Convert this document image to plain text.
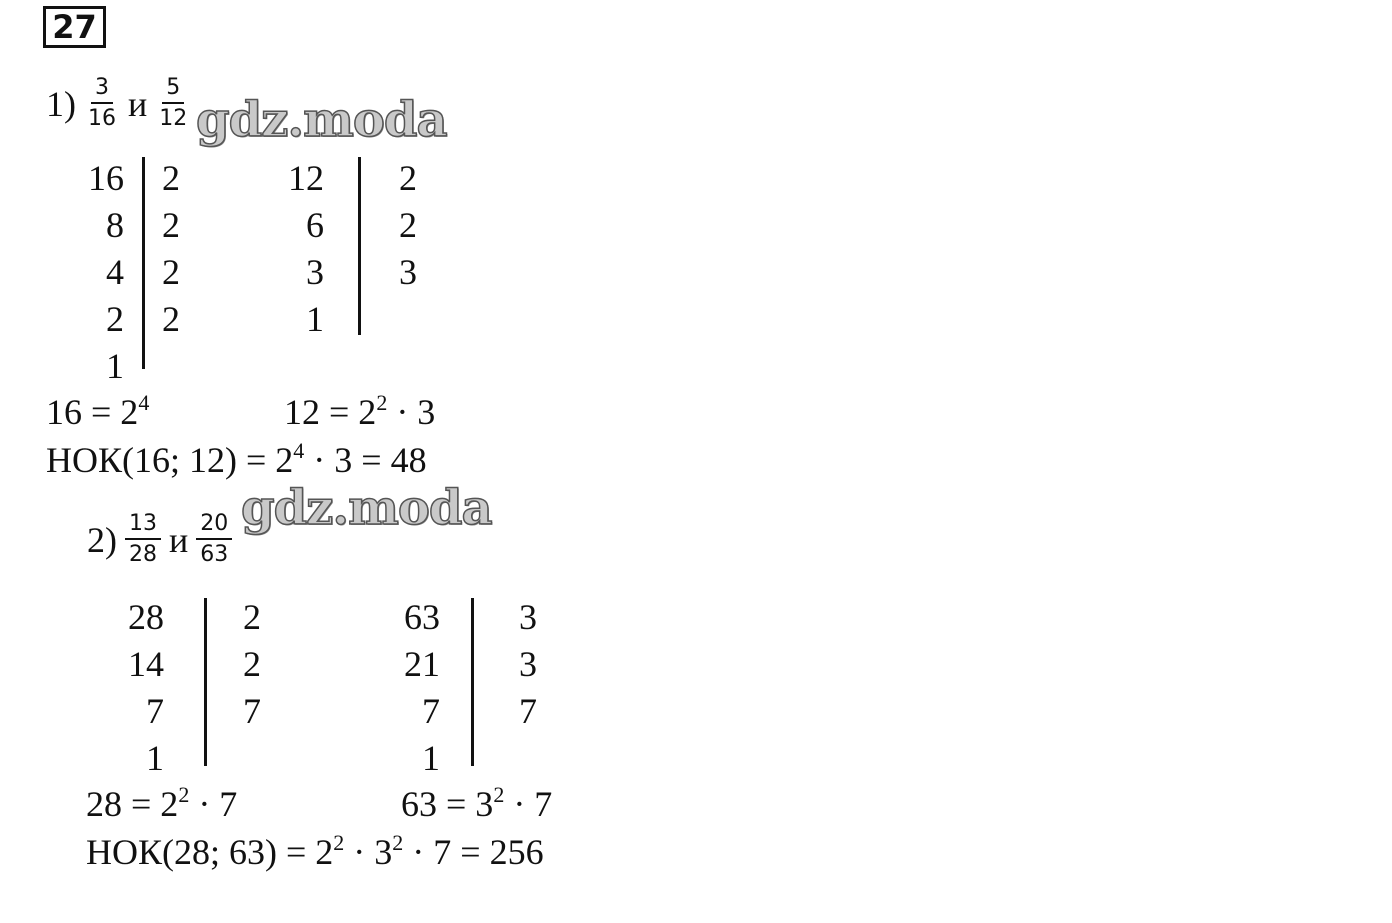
27
$1) \frac{3}{16}$ и $\frac{5}{12}$
16
8
4
2
1
2
2
2
2
12
6
3
1
2
2
3
$16 = 2^4$	$12 = 2^2 \cdot 3$
НОК(16; $12) = 2^4 \cdot 3 = 48$
$2) \frac{13}{28}$ и $\frac{20}{63}$
28
14
7
1
2
2
7
63
21
7
1
3
3
7
$28 = 2^2 \cdot 7$	$63 = 3^2 \cdot 7$
НОК(28; $63) = 2^2 \cdot 3^2 \cdot 7 = 256$
gdz.moda
gdz.moda
